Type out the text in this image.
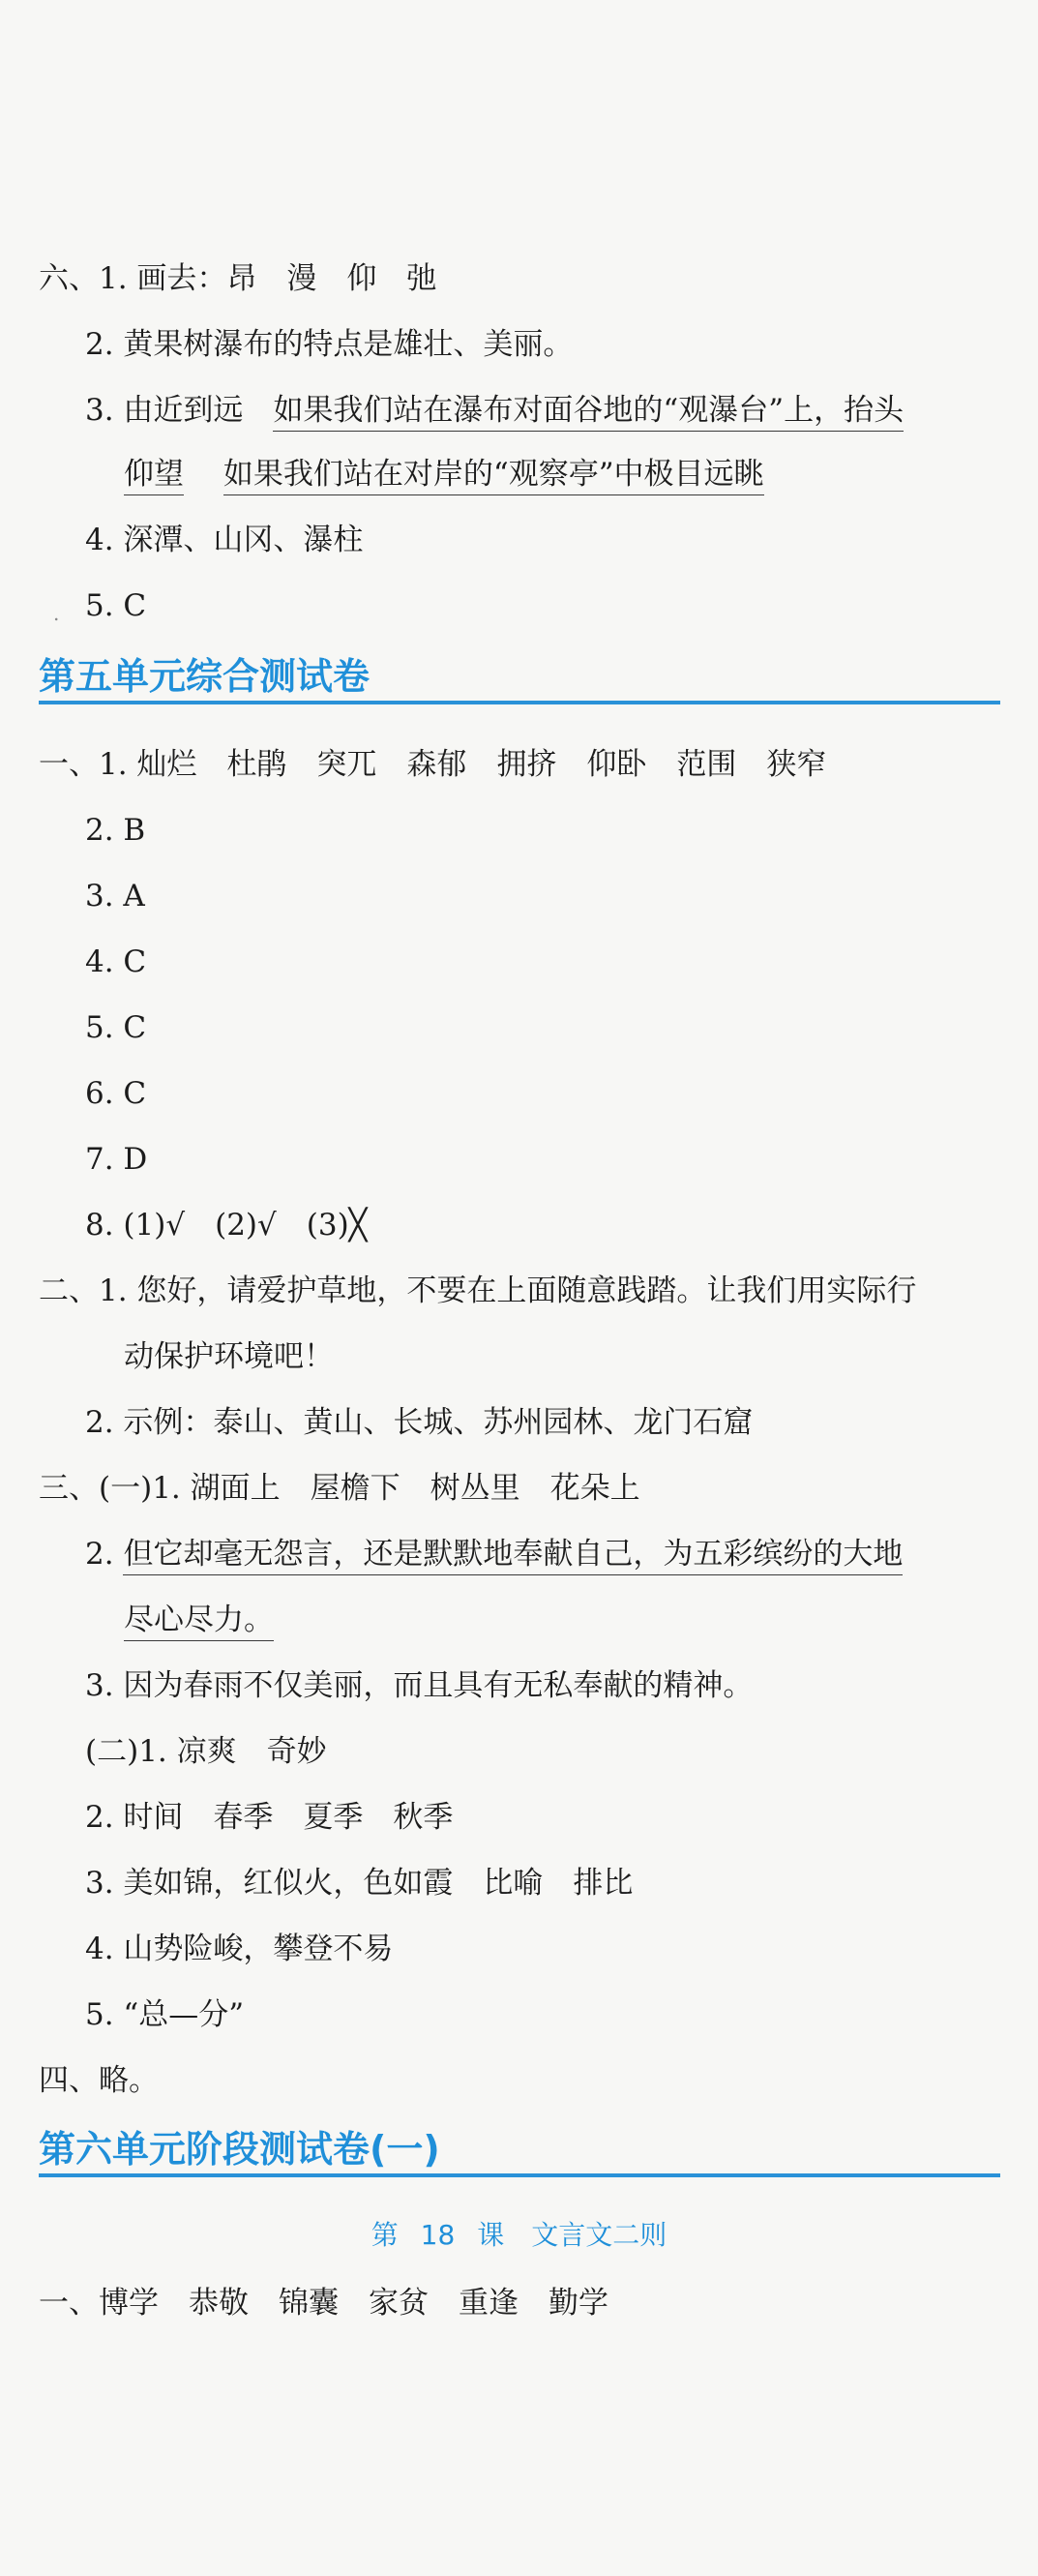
六、1. 画去：昂　漫　仰　弛
2. 黄果树瀑布的特点是雄壮、美丽。
3. 由近到远　如果我们站在瀑布对面谷地的“观瀑台”上，抬头
仰望　 如果我们站在对岸的“观察亭”中极目远眺
4. 深潭、山冈、瀑柱
. 5. C
第五单元综合测试卷
一、1. 灿烂　杜鹃　突兀　森郁　拥挤　仰卧　范围　狭窄
2. B
3. A
4. C
5. C
6. C
7. D
8. (1)√　(2)√　(3)╳
二、1. 您好，请爱护草地，不要在上面随意践踏。让我们用实际行
动保护环境吧！
2. 示例：泰山、黄山、长城、苏州园林、龙门石窟
三、(一)1. 湖面上　屋檐下　树丛里　花朵上
2. 但它却毫无怨言，还是默默地奉献自己，为五彩缤纷的大地
尽心尽力。
3. 因为春雨不仅美丽，而且具有无私奉献的精神。
(二)1. 凉爽　奇妙
2. 时间　春季　夏季　秋季
3. 美如锦，红似火，色如霞　比喻　排比
4. 山势险峻，攀登不易
5. “总—分”
四、略。
第六单元阶段测试卷(一)
第 18 课　文言文二则
一、博学　恭敬　锦囊　家贫　重逢　勤学
